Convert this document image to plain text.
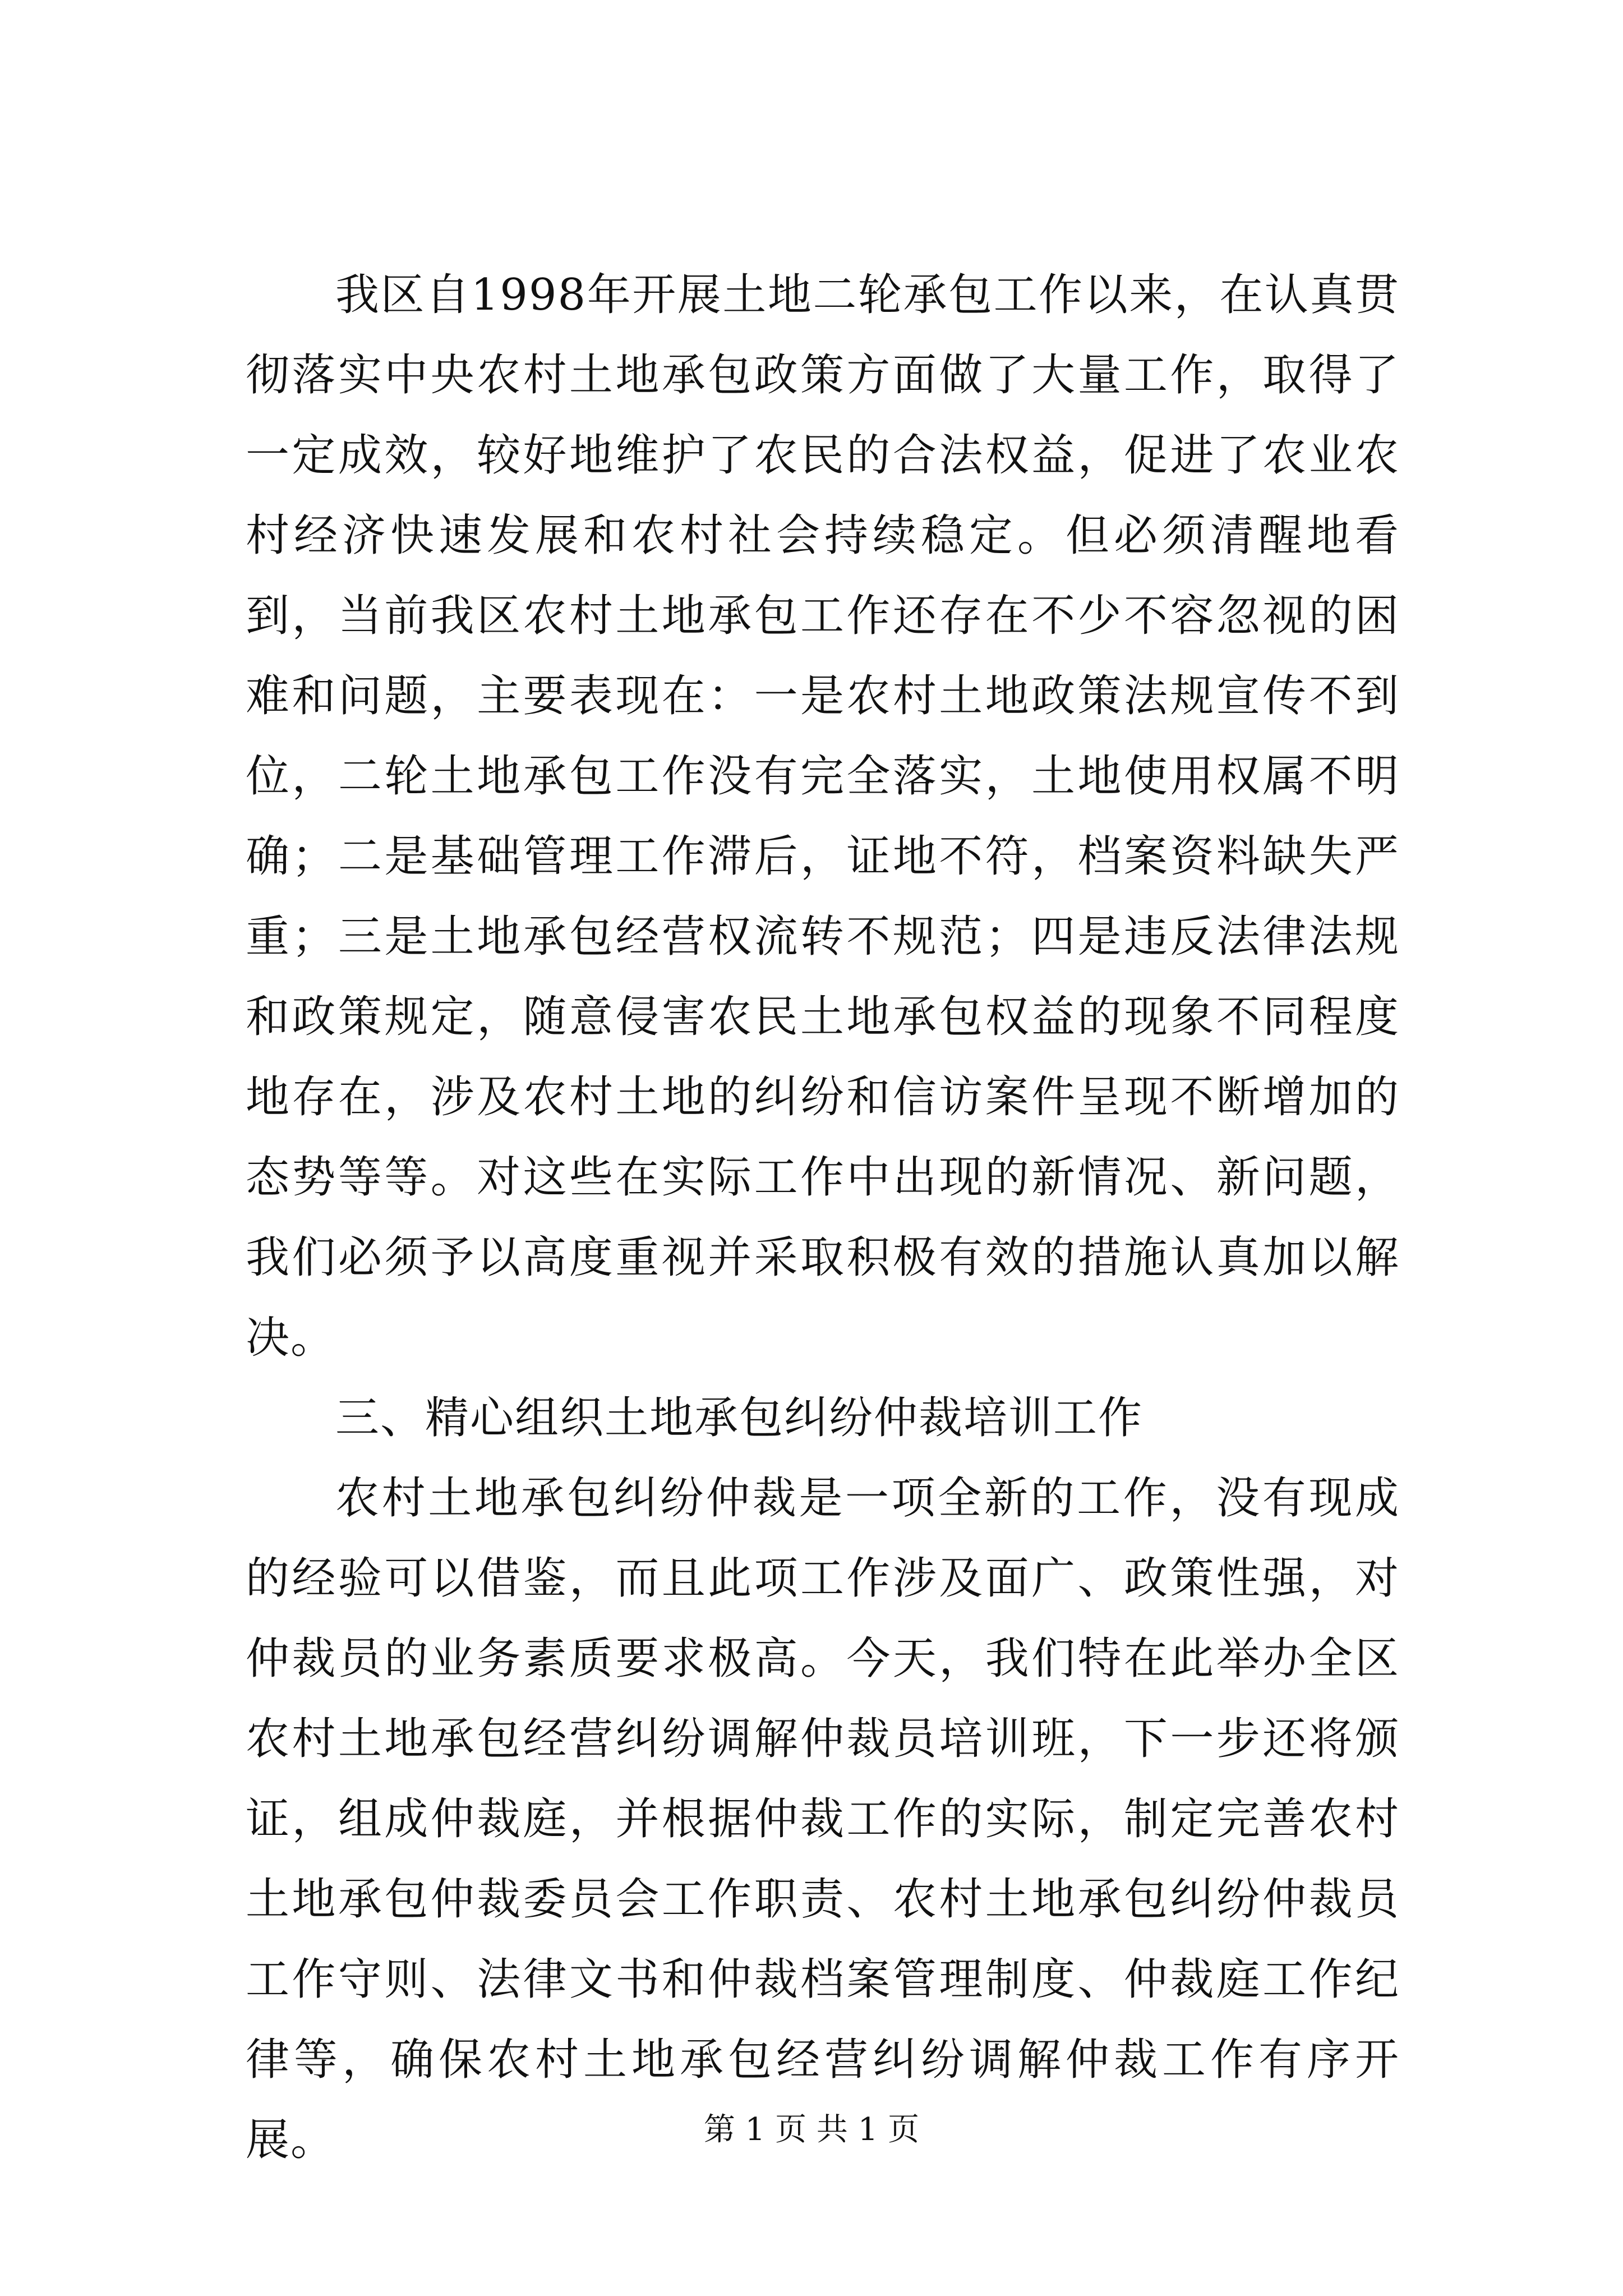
我区自1998年开展土地二轮承包工作以来，在认真贯彻落实中央农村土地承包政策方面做了大量工作，取得了一定成效，较好地维护了农民的合法权益，促进了农业农村经济快速发展和农村社会持续稳定。但必须清醒地看到，当前我区农村土地承包工作还存在不少不容忽视的困难和问题，主要表现在：一是农村土地政策法规宣传不到位，二轮土地承包工作没有完全落实，土地使用权属不明确；二是基础管理工作滞后，证地不符，档案资料缺失严重；三是土地承包经营权流转不规范；四是违反法律法规和政策规定，随意侵害农民土地承包权益的现象不同程度地存在，涉及农村土地的纠纷和信访案件呈现不断增加的态势等等。对这些在实际工作中出现的新情况、新问题，我们必须予以高度重视并采取积极有效的措施认真加以解决。

三、精心组织土地承包纠纷仲裁培训工作

农村土地承包纠纷仲裁是一项全新的工作，没有现成的经验可以借鉴，而且此项工作涉及面广、政策性强，对仲裁员的业务素质要求极高。今天，我们特在此举办全区农村土地承包经营纠纷调解仲裁员培训班，下一步还将颁证，组成仲裁庭，并根据仲裁工作的实际，制定完善农村土地承包仲裁委员会工作职责、农村土地承包纠纷仲裁员工作守则、法律文书和仲裁档案管理制度、仲裁庭工作纪律等，确保农村土地承包经营纠纷调解仲裁工作有序开展。	第 1 页 共 1 页
